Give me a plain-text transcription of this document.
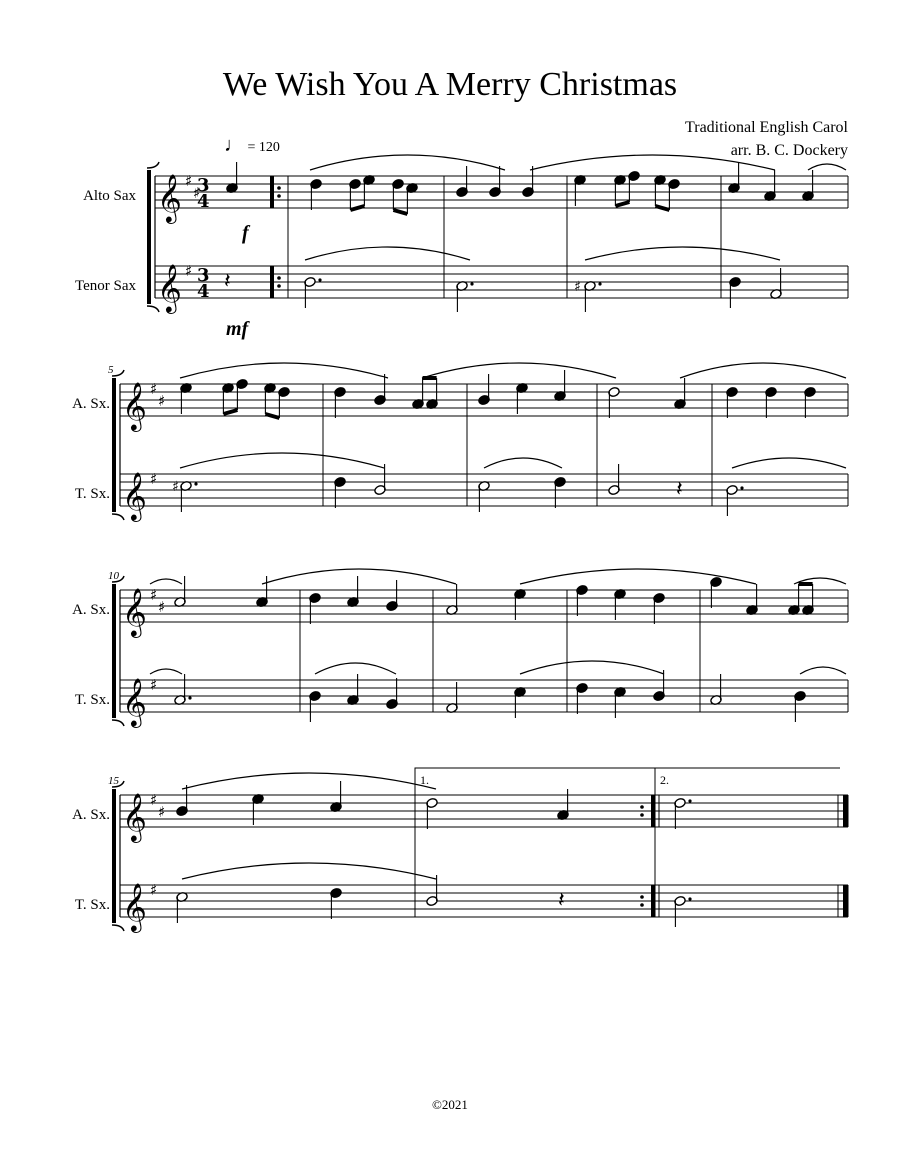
We Wish You A Merry Christmas
Traditional English Carol
arr. B. C. Dockery
♩ = 120
Alto Sax
Tenor Sax
A. Sx.
T. Sx.
A. Sx.
T. Sx.
A. Sx.
T. Sx.
5
10
15	1.	2.
f
mf
𝄞 ♯
♯
𝄞 ♯
𝄞 ♯
♯
𝄞 ♯
𝄞 ♯
♯
𝄞 ♯
𝄞 ♯
♯
𝄞 ♯
3
4
3
4 𝄽	♯
♯	𝄽
𝄽
©2021
